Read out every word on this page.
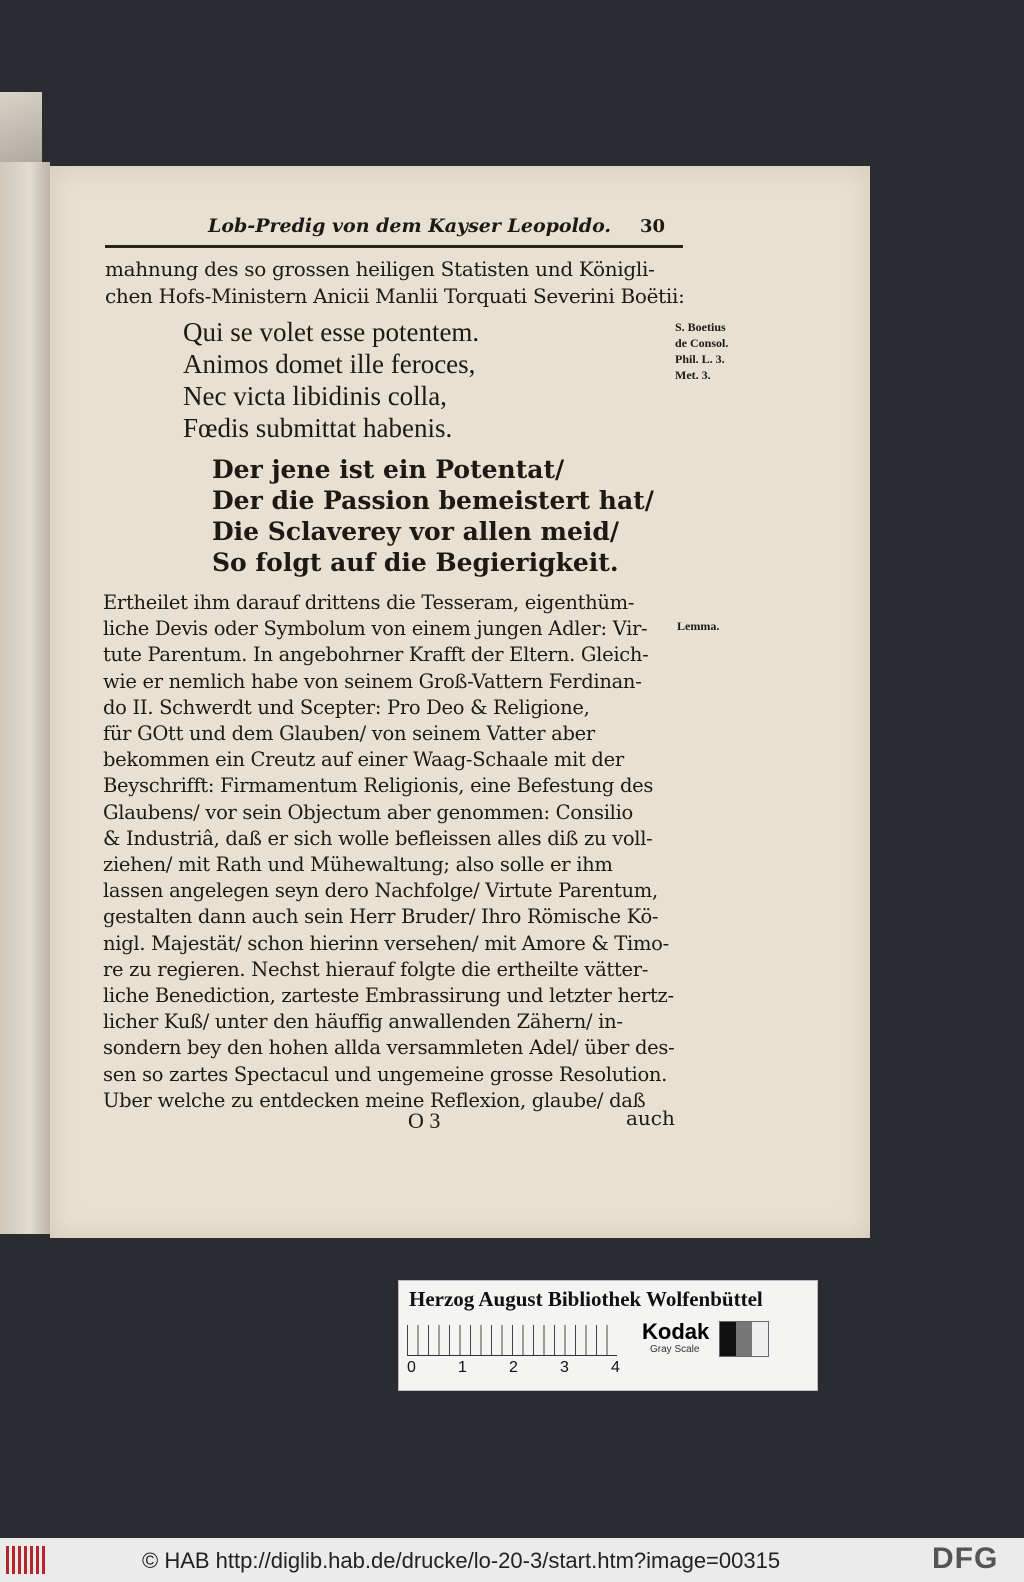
Lob-Predig von dem Kayser Leopoldo. 30
mahnung des so grossen heiligen Statisten und Königli-
chen Hofs-Ministern Anicii Manlii Torquati Severini Boëtii:
Qui se volet esse potentem.
Animos domet ille feroces,
Nec victa libidinis colla,
Fœdis submittat habenis.
S. Boetius
de Consol.
Phil. L. 3.
Met. 3.
Der jene ist ein Potentat/
Der die Passion bemeistert hat/
Die Sclaverey vor allen meid/
So folgt auf die Begierigkeit.
Ertheilet ihm darauf drittens die Tesseram, eigenthüm-
liche Devis oder Symbolum von einem jungen Adler: Vir-
tute Parentum. In angebohrner Krafft der Eltern. Gleich-
wie er nemlich habe von seinem Groß-Vattern Ferdinan-
do II. Schwerdt und Scepter: Pro Deo & Religione,
für GOtt und dem Glauben/ von seinem Vatter aber
bekommen ein Creutz auf einer Waag-Schaale mit der
Beyschrifft: Firmamentum Religionis, eine Befestung des
Glaubens/ vor sein Objectum aber genommen: Consilio
& Industriâ, daß er sich wolle befleissen alles diß zu voll-
ziehen/ mit Rath und Mühewaltung; also solle er ihm
lassen angelegen seyn dero Nachfolge/ Virtute Parentum,
gestalten dann auch sein Herr Bruder/ Ihro Römische Kö-
nigl. Majestät/ schon hierinn versehen/ mit Amore & Timo-
re zu regieren. Nechst hierauf folgte die ertheilte vätter-
liche Benediction, zarteste Embrassirung und letzter hertz-
licher Kuß/ unter den häuffig anwallenden Zähern/ in-
sondern bey den hohen allda versammleten Adel/ über des-
sen so zartes Spectacul und ungemeine grosse Resolution.
Uber welche zu entdecken meine Reflexion, glaube/ daß
Lemma.
O 3	auch
Herzog August Bibliothek Wolfenbüttel
0	1	2	3	4
Kodak
Gray Scale
© HAB http://diglib.hab.de/drucke/lo-20-3/start.htm?image=00315	DFG
